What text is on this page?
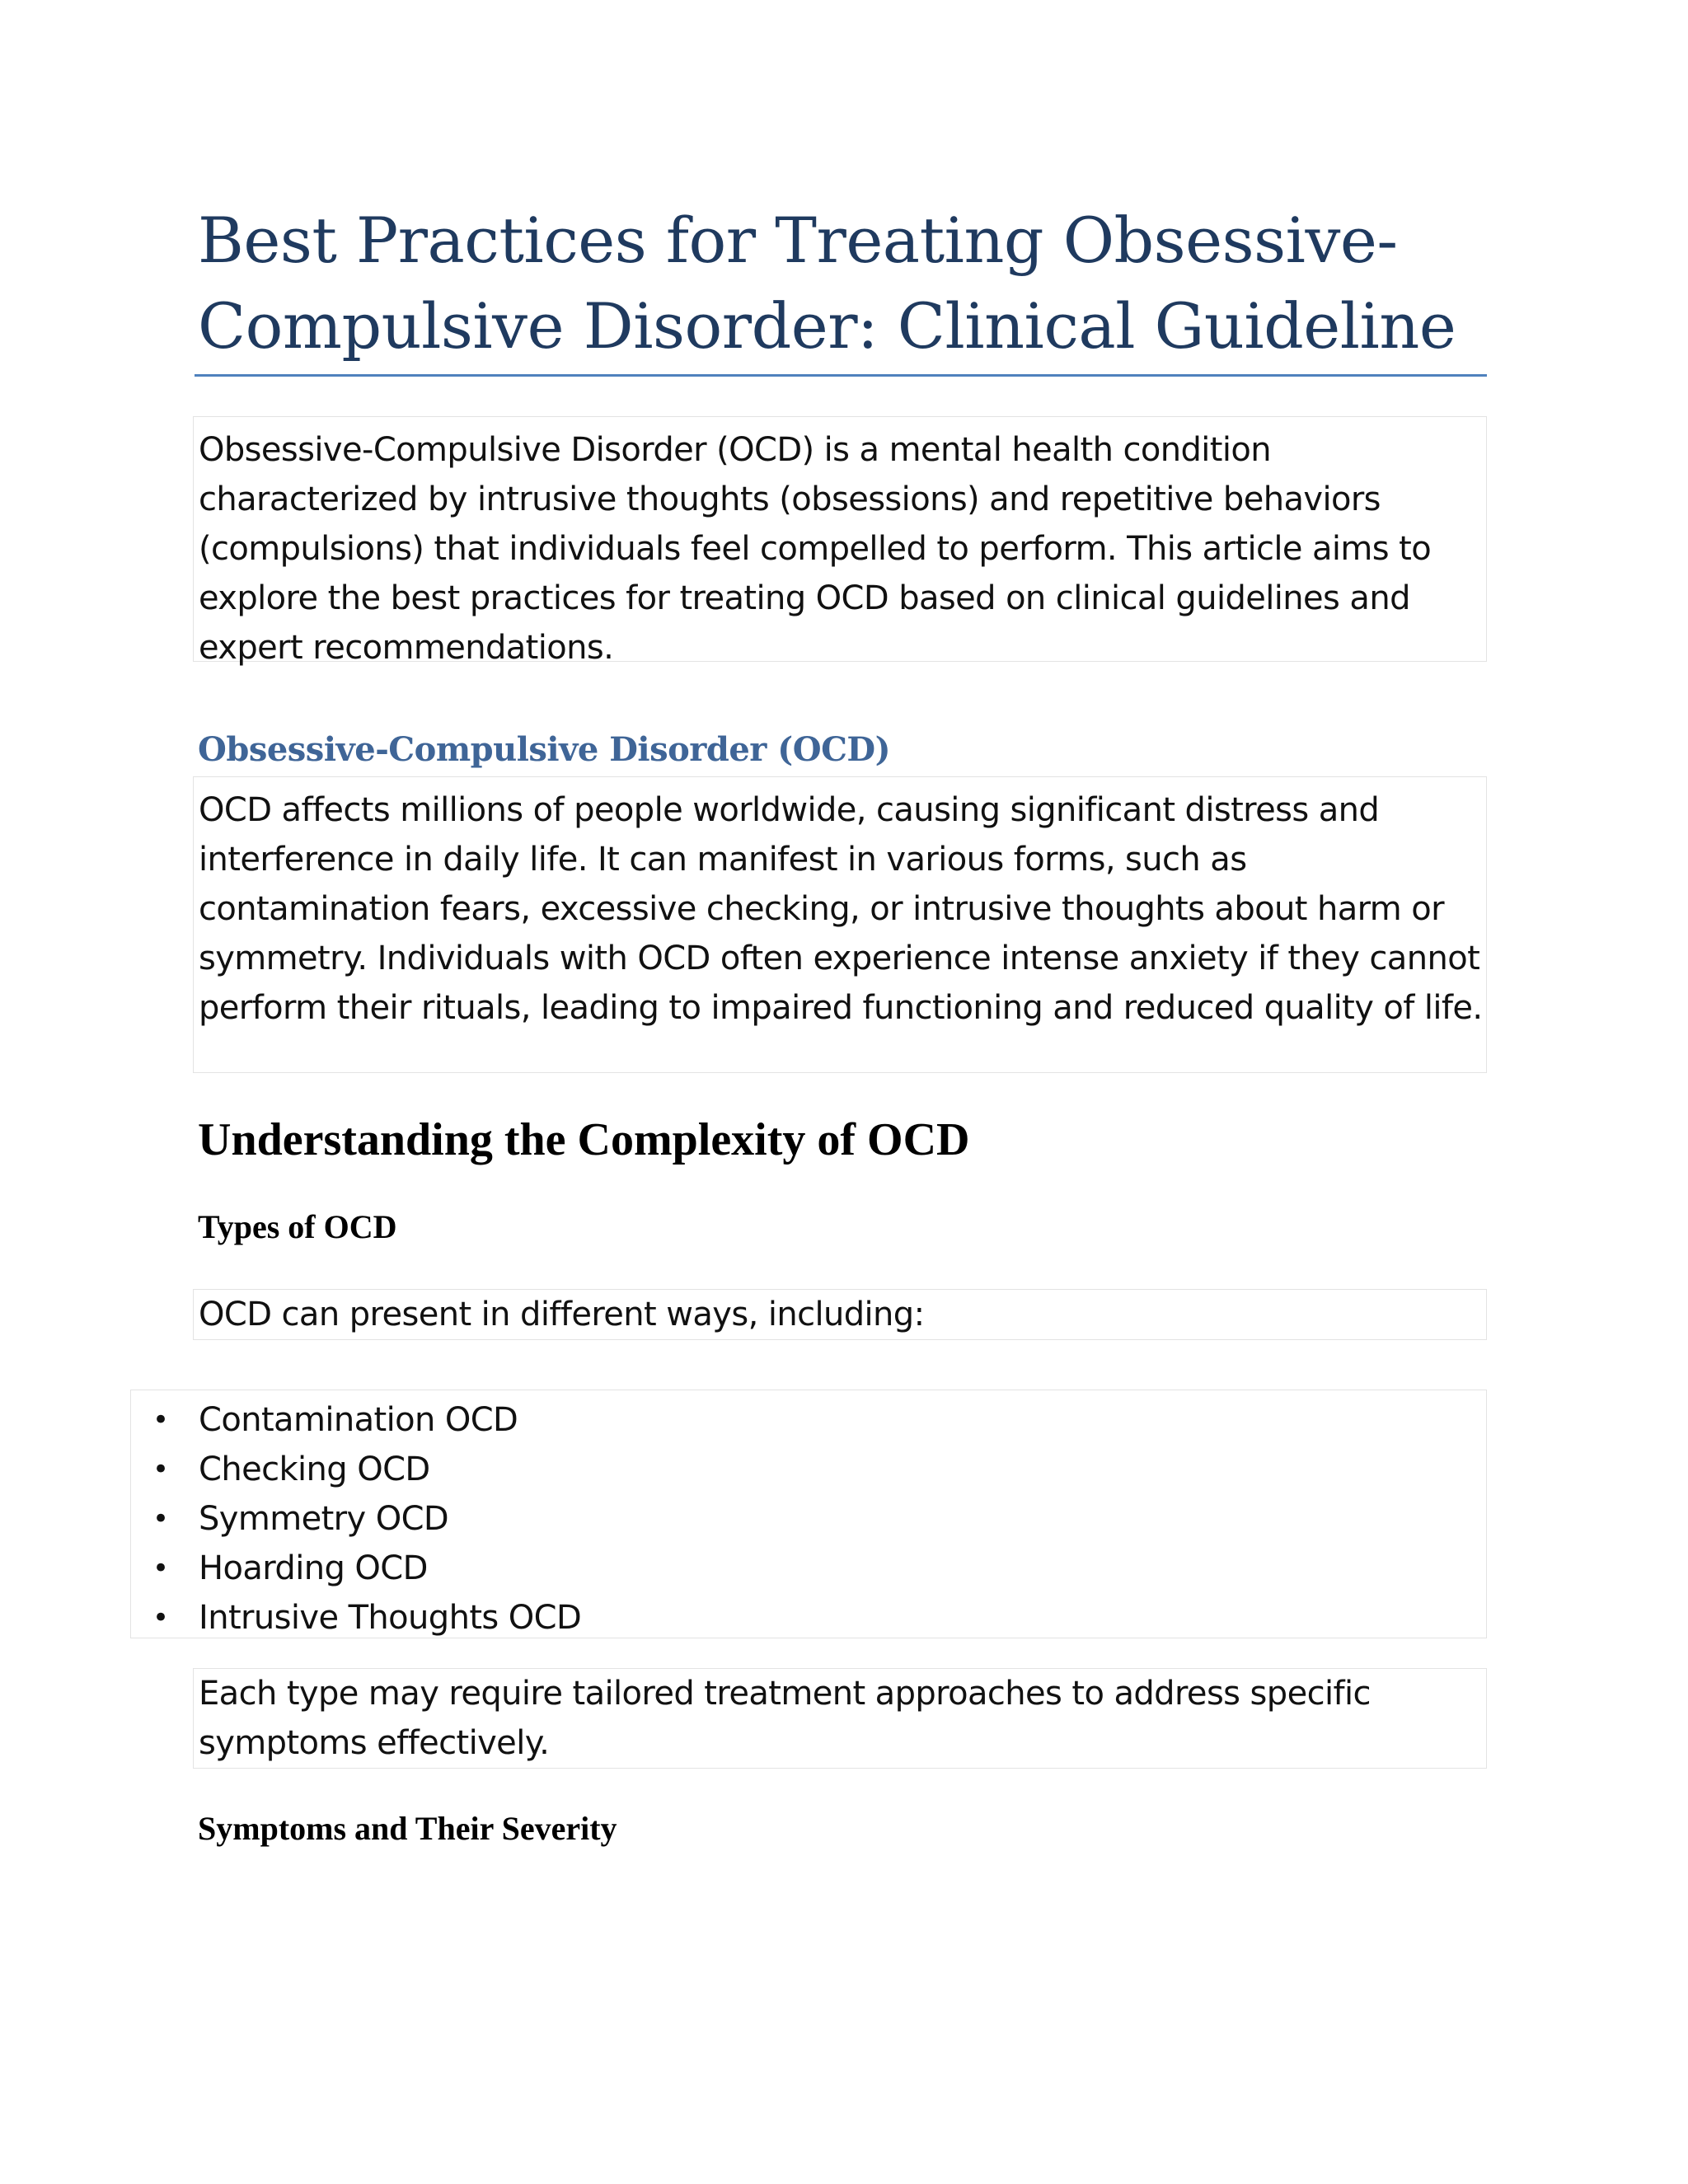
Best Practices for Treating Obsessive-Compulsive Disorder: Clinical Guideline

Obsessive-Compulsive Disorder (OCD) is a mental health condition characterized by intrusive thoughts (obsessions) and repetitive behaviors (compulsions) that individuals feel compelled to perform. This article aims to explore the best practices for treating OCD based on clinical guidelines and expert recommendations.

Obsessive-Compulsive Disorder (OCD)

OCD affects millions of people worldwide, causing significant distress and interference in daily life. It can manifest in various forms, such as contamination fears, excessive checking, or intrusive thoughts about harm or symmetry. Individuals with OCD often experience intense anxiety if they cannot perform their rituals, leading to impaired functioning and reduced quality of life.

Understanding the Complexity of OCD
Types of OCD

OCD can present in different ways, including:

• Contamination OCD
• Checking OCD
• Symmetry OCD
• Hoarding OCD
• Intrusive Thoughts OCD

Each type may require tailored treatment approaches to address specific symptoms effectively.

Symptoms and Their Severity
